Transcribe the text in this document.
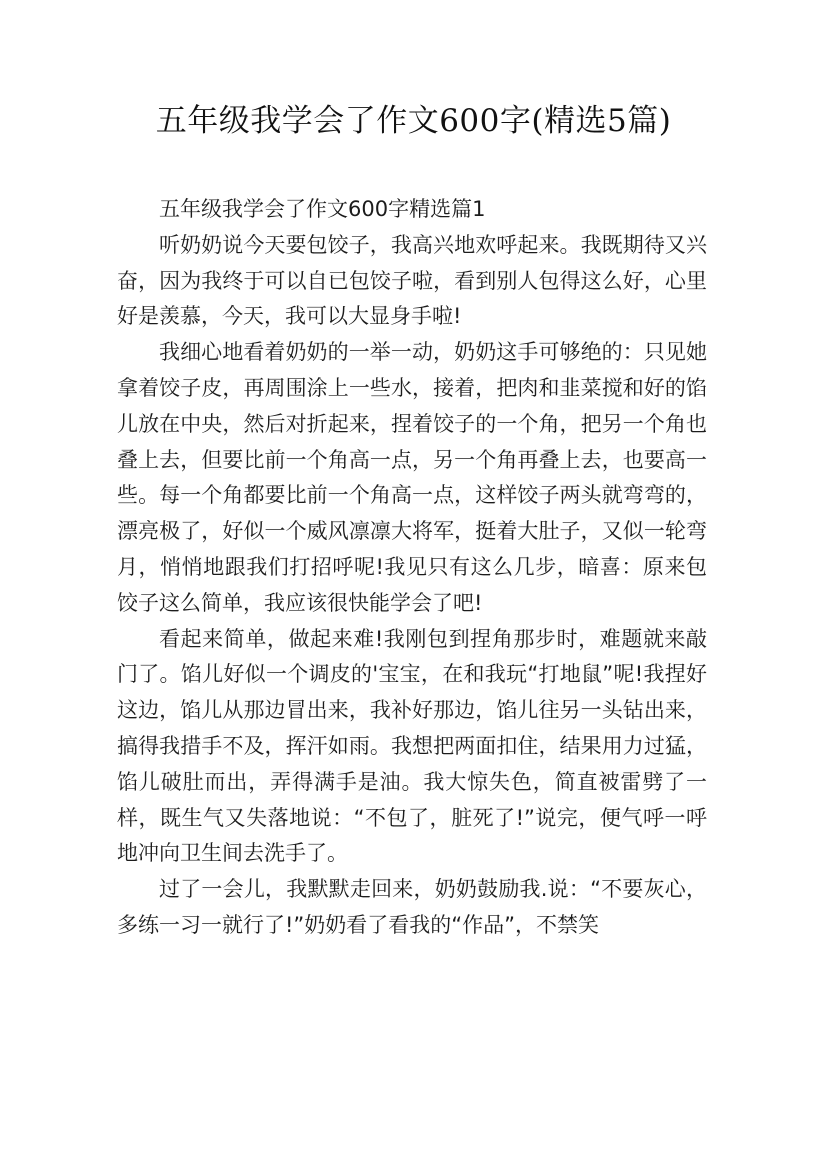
五年级我学会了作文600字(精选5篇)

五年级我学会了作文600字精选篇1

听奶奶说今天要包饺子，我高兴地欢呼起来。我既期待又兴奋，因为我终于可以自已包饺子啦，看到别人包得这么好，心里好是羡慕，今天，我可以大显身手啦!

我细心地看着奶奶的一举一动，奶奶这手可够绝的：只见她拿着饺子皮，再周围涂上一些水，接着，把肉和韭菜搅和好的馅儿放在中央，然后对折起来，捏着饺子的一个角，把另一个角也叠上去，但要比前一个角高一点，另一个角再叠上去，也要高一些。每一个角都要比前一个角高一点，这样饺子两头就弯弯的，漂亮极了，好似一个威风凛凛大将军，挺着大肚子，又似一轮弯月，悄悄地跟我们打招呼呢!我见只有这么几步，暗喜：原来包饺子这么简单，我应该很快能学会了吧!

看起来简单，做起来难!我刚包到捏角那步时，难题就来敲门了。馅儿好似一个调皮的'宝宝，在和我玩“打地鼠”呢!我捏好这边，馅儿从那边冒出来，我补好那边，馅儿往另一头钻出来，搞得我措手不及，挥汗如雨。我想把两面扣住，结果用力过猛，馅儿破肚而出，弄得满手是油。我大惊失色，简直被雷劈了一样，既生气又失落地说：“不包了，脏死了!”说完，便气呼一呼地冲向卫生间去洗手了。

过了一会儿，我默默走回来，奶奶鼓励我.说：“不要灰心，多练一习一就行了!”奶奶看了看我的“作品”，不禁笑
